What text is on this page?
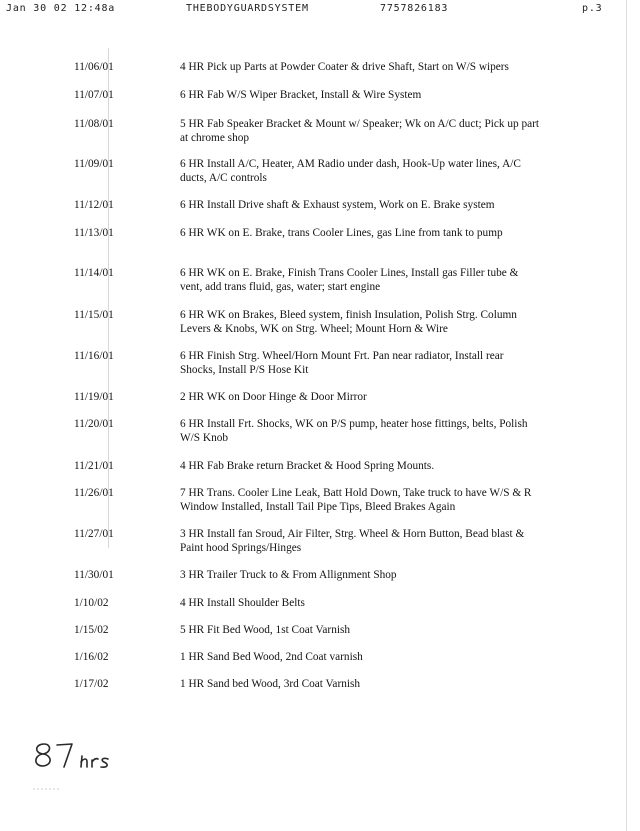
Jan 30 02 12:48a	THEBODYGUARDSYSTEM	7757826183	p.3
11/06/01	4 HR Pick up Parts at Powder Coater & drive Shaft, Start on W/S wipers
11/07/01	6 HR Fab W/S Wiper Bracket, Install & Wire System
11/08/01	5 HR Fab Speaker Bracket & Mount w/ Speaker; Wk on A/C duct; Pick up part at chrome shop
11/09/01	6 HR Install A/C, Heater, AM Radio under dash, Hook-Up water lines, A/C ducts, A/C controls
11/12/01	6 HR Install Drive shaft & Exhaust system, Work on E. Brake system
11/13/01	6 HR WK on E. Brake, trans Cooler Lines, gas Line from tank to pump
11/14/01	6 HR WK on E. Brake, Finish Trans Cooler Lines, Install gas Filler tube & vent, add trans fluid, gas, water; start engine
11/15/01	6 HR WK on Brakes, Bleed system, finish Insulation, Polish Strg. Column Levers & Knobs, WK on Strg. Wheel; Mount Horn & Wire
11/16/01	6 HR Finish Strg. Wheel/Horn Mount Frt. Pan near radiator, Install rear Shocks, Install P/S Hose Kit
11/19/01	2 HR WK on Door Hinge & Door Mirror
11/20/01	6 HR Install Frt. Shocks, WK on P/S pump, heater hose fittings, belts, Polish W/S Knob
11/21/01	4 HR Fab Brake return Bracket & Hood Spring Mounts.
11/26/01	7 HR Trans. Cooler Line Leak, Batt Hold Down, Take truck to have W/S & R Window Installed, Install Tail Pipe Tips, Bleed Brakes Again
11/27/01	3 HR Install fan Sroud, Air Filter, Strg. Wheel & Horn Button, Bead blast & Paint hood Springs/Hinges
11/30/01	3 HR Trailer Truck to & From Allignment Shop
1/10/02	4 HR Install Shoulder Belts
1/15/02	5 HR Fit Bed Wood, 1st Coat Varnish
1/16/02	1 HR Sand Bed Wood, 2nd Coat varnish
1/17/02	1 HR Sand bed Wood, 3rd Coat Varnish
